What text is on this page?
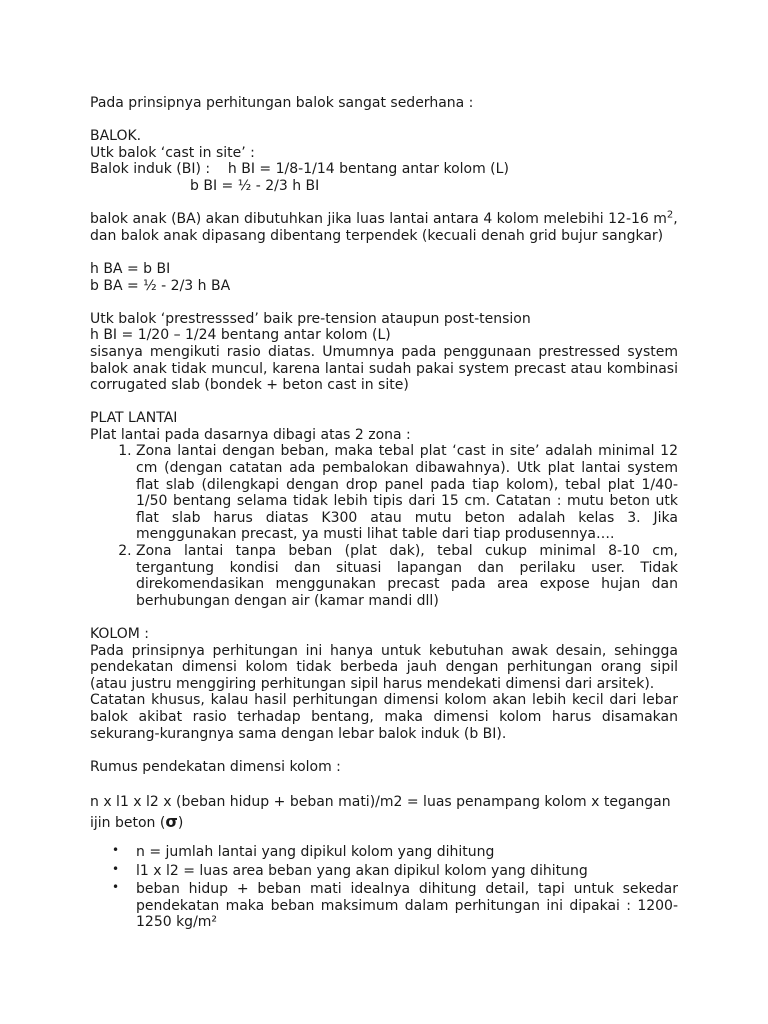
Pada prinsipnya perhitungan balok sangat sederhana :

BALOK.

Utk balok ‘cast in site’ :

Balok induk (BI) : h BI = 1/8-1/14 bentang antar kolom (L)

b BI = ½ - 2/3 h BI

balok anak (BA) akan dibutuhkan jika luas lantai antara 4 kolom melebihi 12-16 $m^2$,

dan balok anak dipasang dibentang terpendek (kecuali denah grid bujur sangkar)

h BA = b BI

b BA = ½ - 2/3 h BA

Utk balok ‘prestresssed’ baik pre-tension ataupun post-tension

h BI = 1/20 – 1/24 bentang antar kolom (L)

sisanya mengikuti rasio diatas. Umumnya pada penggunaan prestressed system balok anak tidak muncul, karena lantai sudah pakai system precast atau kombinasi corrugated slab (bondek + beton cast in site)

PLAT LANTAI

Plat lantai pada dasarnya dibagi atas 2 zona :

1. Zona lantai dengan beban, maka tebal plat ‘cast in site’ adalah minimal 12 cm (dengan catatan ada pembalokan dibawahnya). Utk plat lantai system flat slab (dilengkapi dengan drop panel pada tiap kolom), tebal plat 1/40-1/50 bentang selama tidak lebih tipis dari 15 cm. Catatan : mutu beton utk flat slab harus diatas K300 atau mutu beton adalah kelas 3. Jika menggunakan precast, ya musti lihat table dari tiap produsennya….
2. Zona lantai tanpa beban (plat dak), tebal cukup minimal 8-10 cm, tergantung kondisi dan situasi lapangan dan perilaku user. Tidak direkomendasikan menggunakan precast pada area expose hujan dan berhubungan dengan air (kamar mandi dll)

KOLOM :

Pada prinsipnya perhitungan ini hanya untuk kebutuhan awak desain, sehingga pendekatan dimensi kolom tidak berbeda jauh dengan perhitungan orang sipil (atau justru menggiring perhitungan sipil harus mendekati dimensi dari arsitek).

Catatan khusus, kalau hasil perhitungan dimensi kolom akan lebih kecil dari lebar balok akibat rasio terhadap bentang, maka dimensi kolom harus disamakan sekurang-kurangnya sama dengan lebar balok induk (b BI).

Rumus pendekatan dimensi kolom :

n x l1 x l2 x (beban hidup + beban mati)/m2 = luas penampang kolom x tegangan

ijin beton (σ)

• n = jumlah lantai yang dipikul kolom yang dihitung
• l1 x l2 = luas area beban yang akan dipikul kolom yang dihitung
• beban hidup + beban mati idealnya dihitung detail, tapi untuk sekedar pendekatan maka beban maksimum dalam perhitungan ini dipakai : 1200-1250 kg/m²
